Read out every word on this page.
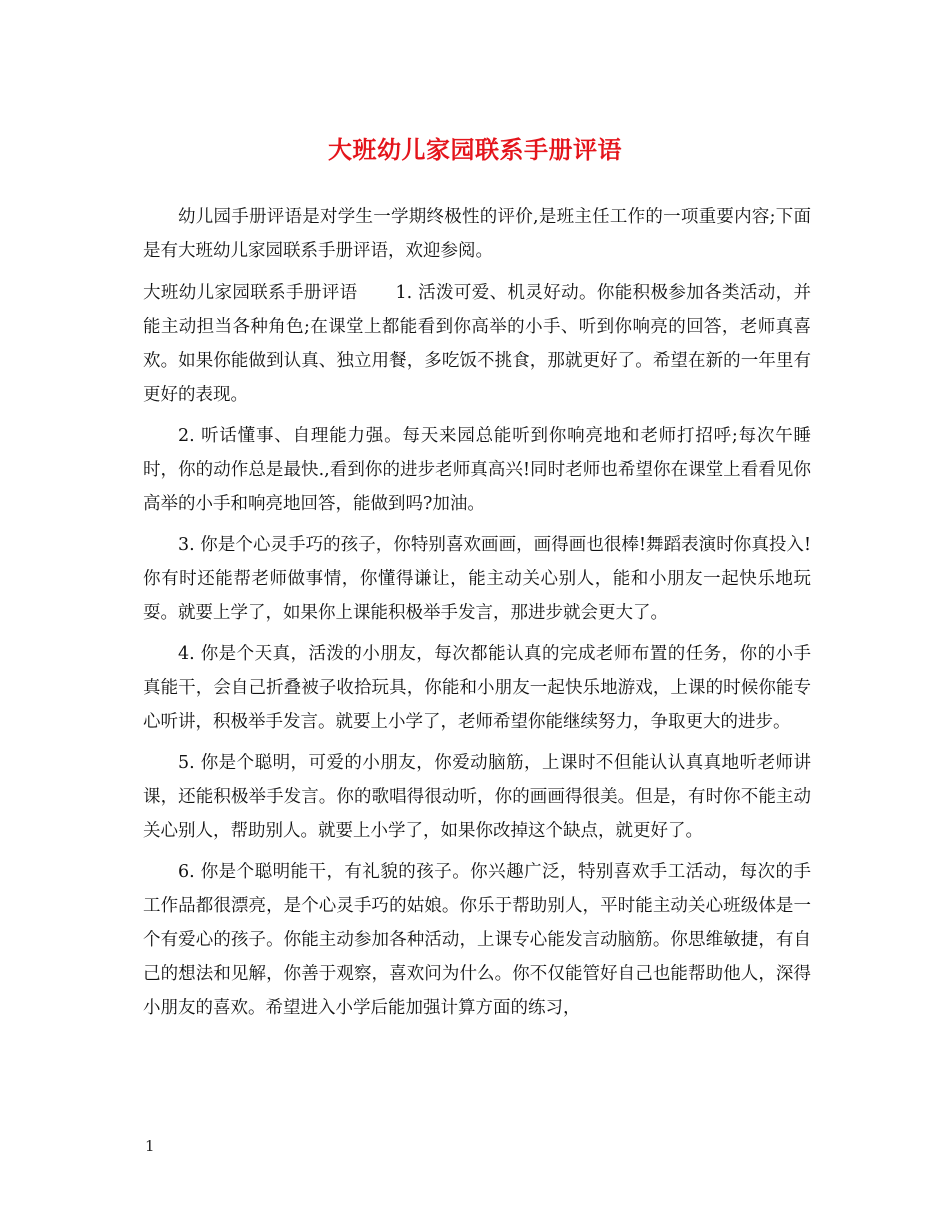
大班幼儿家园联系手册评语

幼儿园手册评语是对学生一学期终极性的评价,是班主任工作的一项重要内容;下面是有大班幼儿家园联系手册评语，欢迎参阅。

大班幼儿家园联系手册评语 1. 活泼可爱、机灵好动。你能积极参加各类活动，并能主动担当各种角色;在课堂上都能看到你高举的小手、听到你响亮的回答，老师真喜欢。如果你能做到认真、独立用餐，多吃饭不挑食，那就更好了。希望在新的一年里有更好的表现。

2. 听话懂事、自理能力强。每天来园总能听到你响亮地和老师打招呼;每次午睡时，你的动作总是最快.,看到你的进步老师真高兴!同时老师也希望你在课堂上看看见你高举的小手和响亮地回答，能做到吗?加油。

3. 你是个心灵手巧的孩子，你特别喜欢画画，画得画也很棒!舞蹈表演时你真投入!你有时还能帮老师做事情，你懂得谦让，能主动关心别人，能和小朋友一起快乐地玩耍。就要上学了，如果你上课能积极举手发言，那进步就会更大了。

4. 你是个天真，活泼的小朋友，每次都能认真的完成老师布置的任务，你的小手真能干，会自己折叠被子收拾玩具，你能和小朋友一起快乐地游戏，上课的时候你能专心听讲，积极举手发言。就要上小学了，老师希望你能继续努力，争取更大的进步。

5. 你是个聪明，可爱的小朋友，你爱动脑筋，上课时不但能认认真真地听老师讲课，还能积极举手发言。你的歌唱得很动听，你的画画得很美。但是，有时你不能主动关心别人，帮助别人。就要上小学了，如果你改掉这个缺点，就更好了。

6. 你是个聪明能干，有礼貌的孩子。你兴趣广泛，特别喜欢手工活动，每次的手工作品都很漂亮，是个心灵手巧的姑娘。你乐于帮助别人，平时能主动关心班级体是一个有爱心的孩子。你能主动参加各种活动，上课专心能发言动脑筋。你思维敏捷，有自己的想法和见解，你善于观察，喜欢问为什么。你不仅能管好自己也能帮助他人，深得小朋友的喜欢。希望进入小学后能加强计算方面的练习，

1
